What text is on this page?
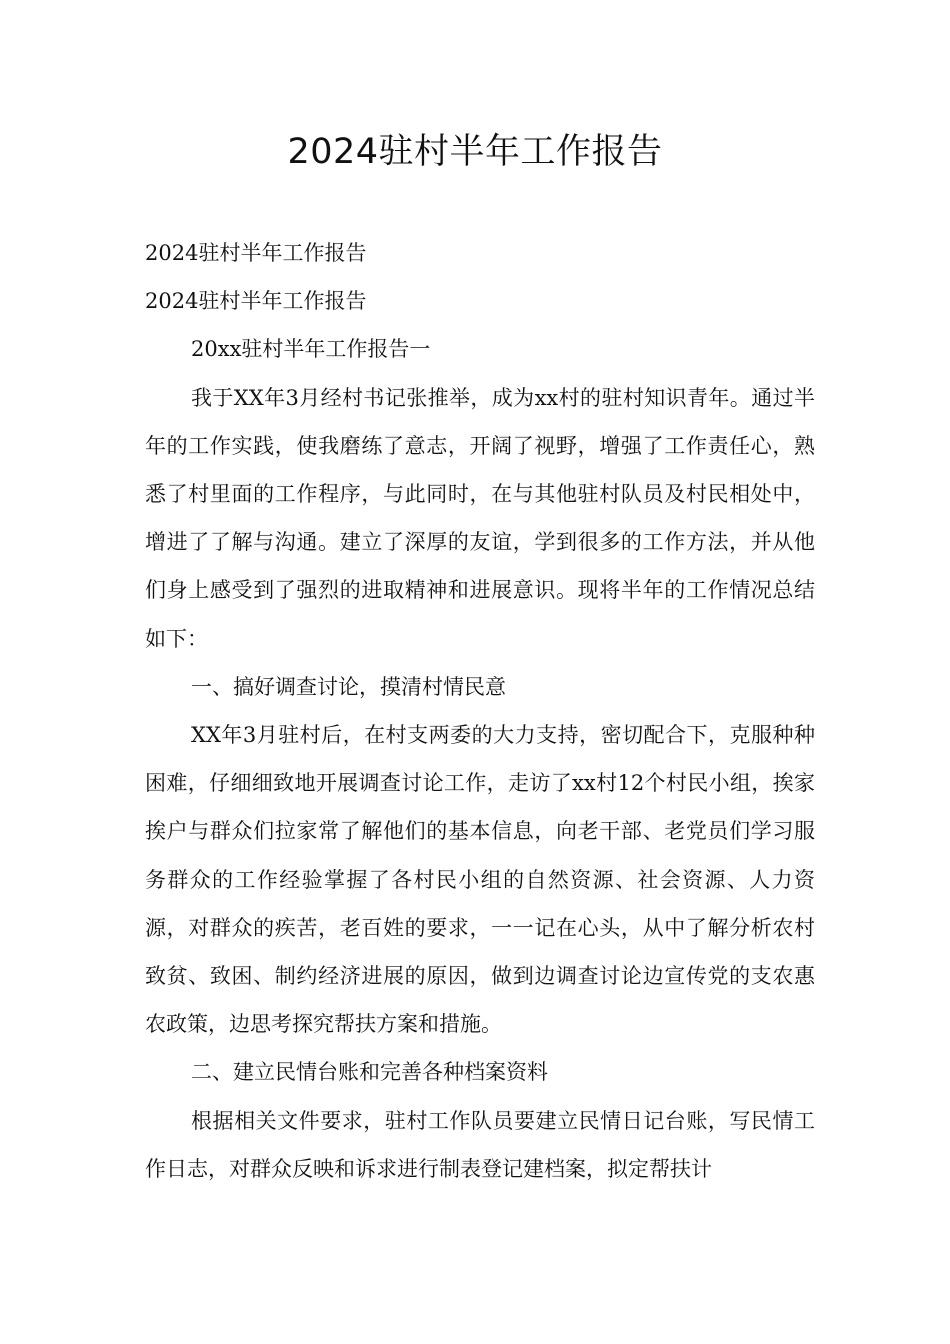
2024驻村半年工作报告

2024驻村半年工作报告

2024驻村半年工作报告

20xx驻村半年工作报告一

我于XX年3月经村书记张推举，成为xx村的驻村知识青年。通过半年的工作实践，使我磨练了意志，开阔了视野，增强了工作责任心，熟悉了村里面的工作程序，与此同时，在与其他驻村队员及村民相处中，增进了了解与沟通。建立了深厚的友谊，学到很多的工作方法，并从他们身上感受到了强烈的进取精神和进展意识。现将半年的工作情况总结如下：

一、搞好调查讨论，摸清村情民意

XX年3月驻村后，在村支两委的大力支持，密切配合下，克服种种困难，仔细细致地开展调查讨论工作，走访了xx村12个村民小组，挨家挨户与群众们拉家常了解他们的基本信息，向老干部、老党员们学习服务群众的工作经验掌握了各村民小组的自然资源、社会资源、人力资源，对群众的疾苦，老百姓的要求，一一记在心头，从中了解分析农村致贫、致困、制约经济进展的原因，做到边调查讨论边宣传党的支农惠农政策，边思考探究帮扶方案和措施。

二、建立民情台账和完善各种档案资料

根据相关文件要求，驻村工作队员要建立民情日记台账，写民情工作日志，对群众反映和诉求进行制表登记建档案，拟定帮扶计
